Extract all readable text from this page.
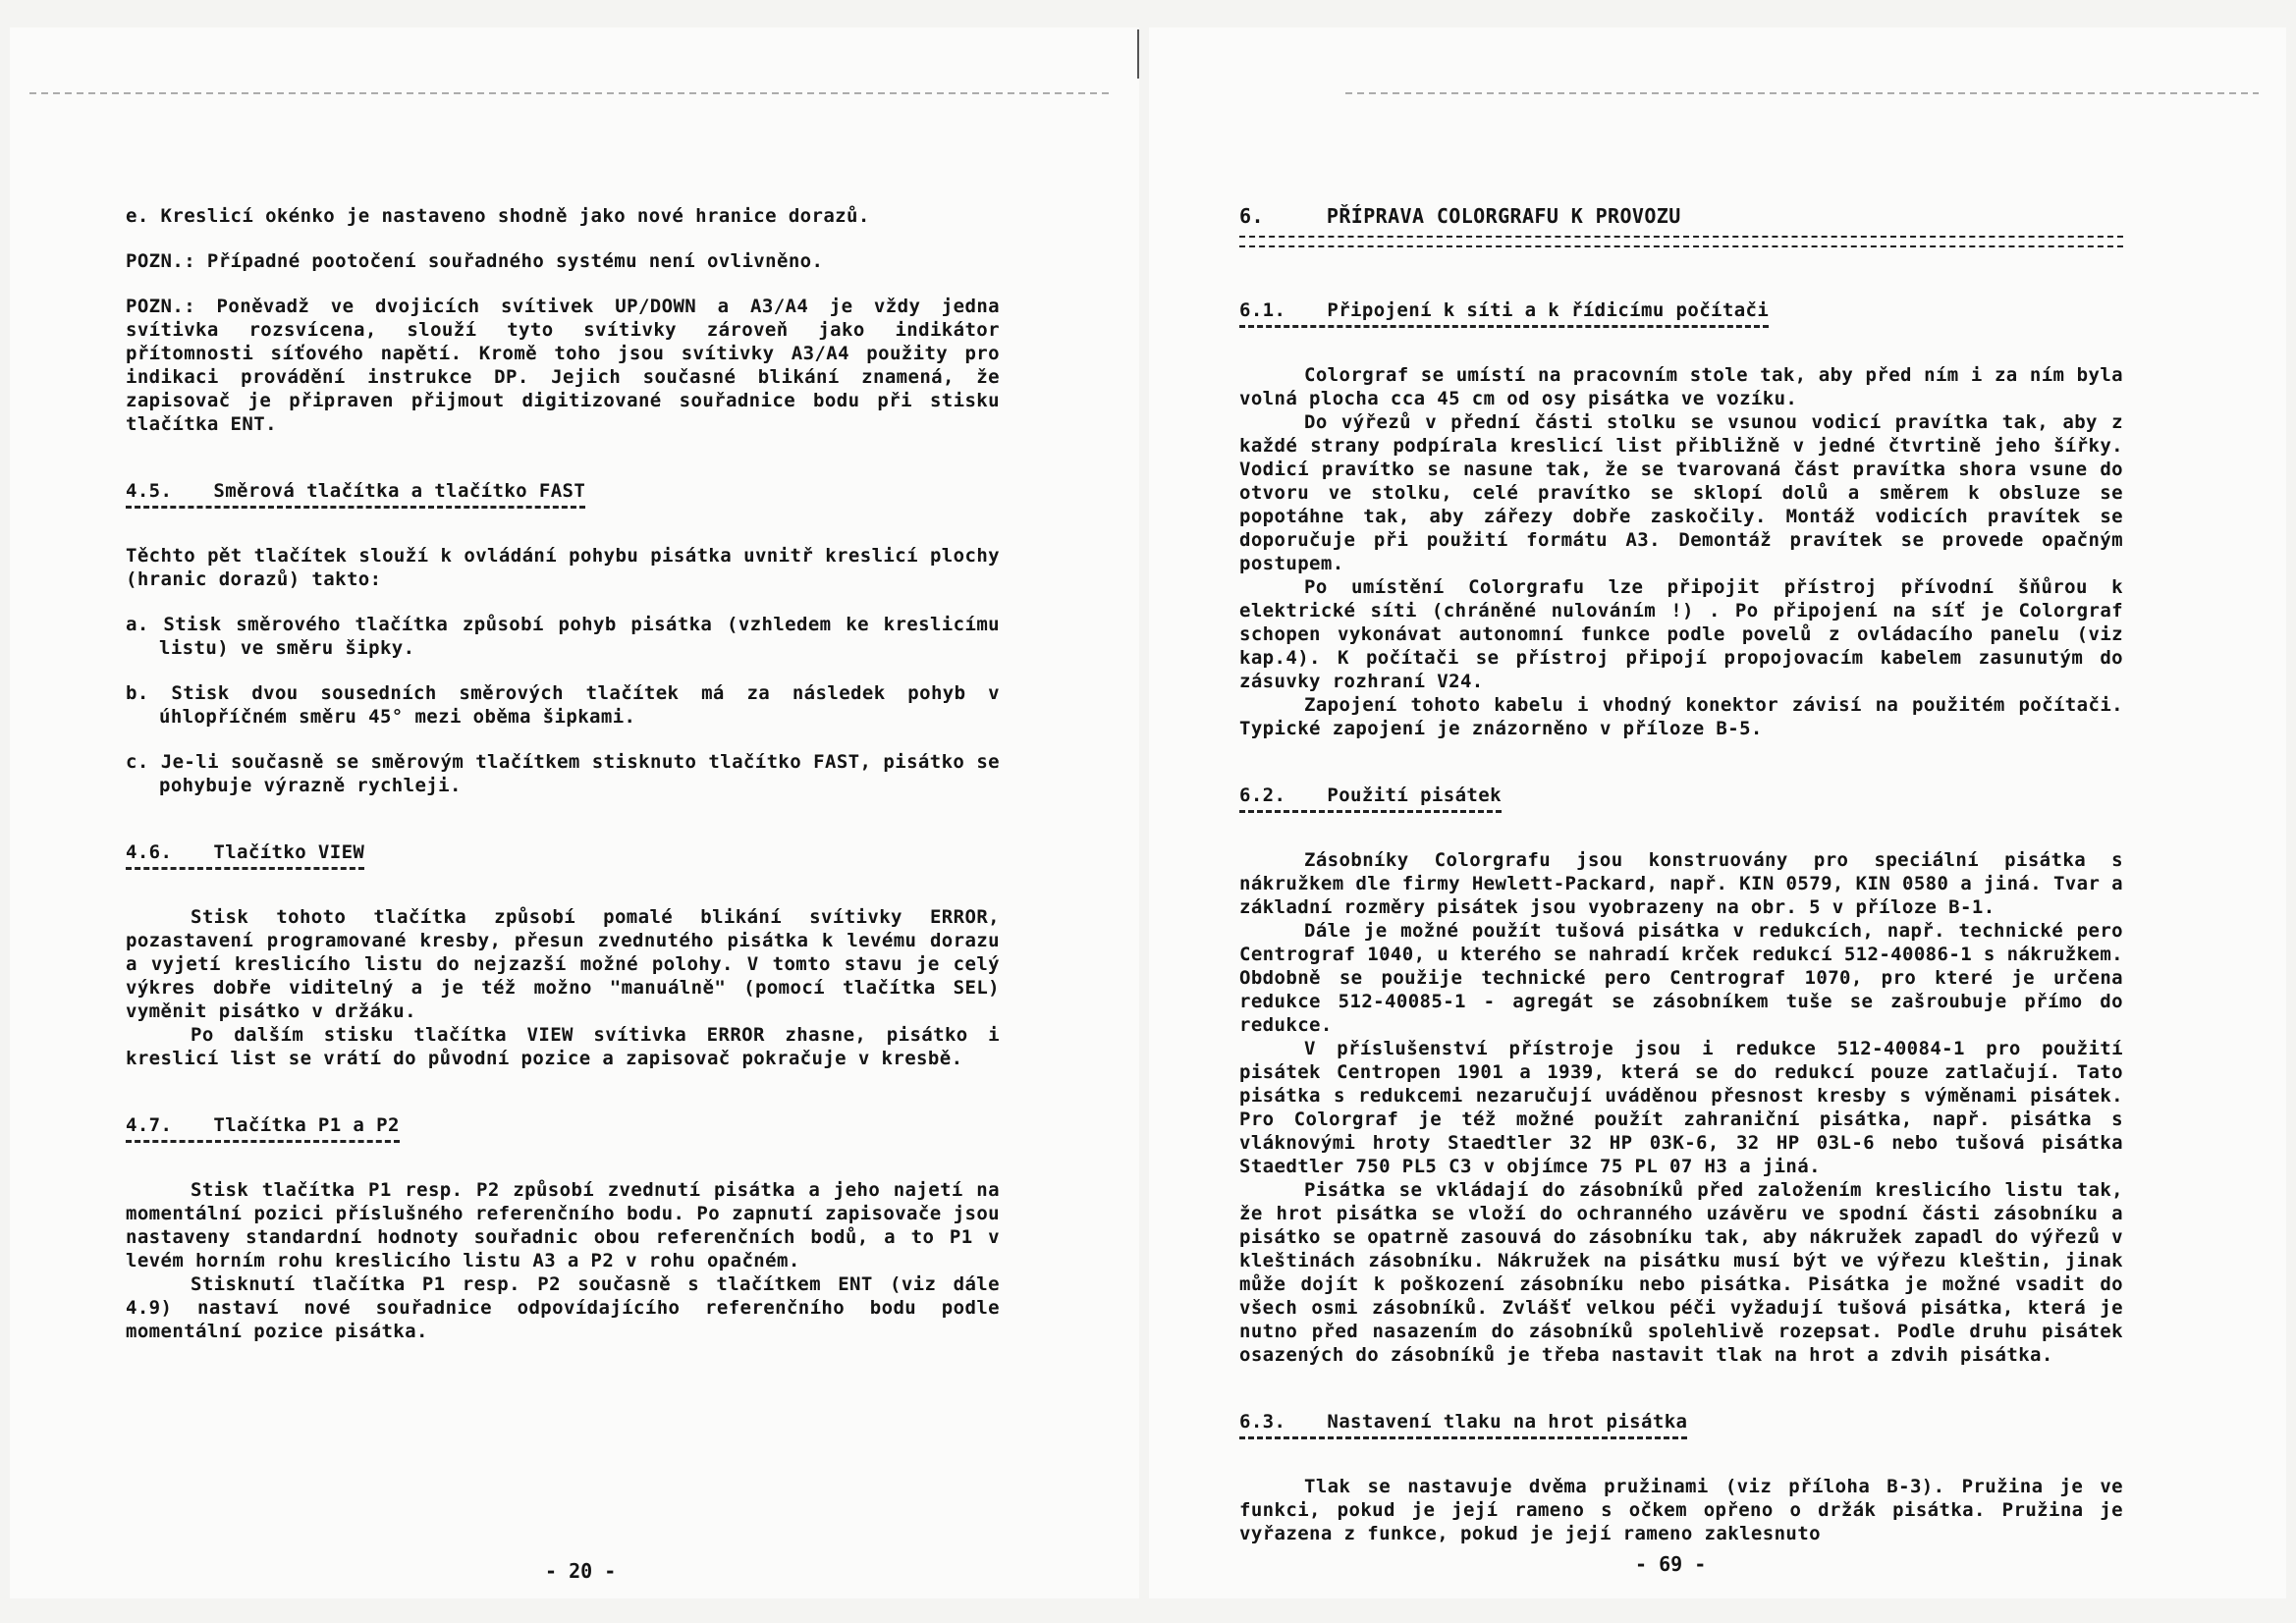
e. Kreslicí okénko je nastaveno shodně jako nové hranice dorazů.

POZN.: Případné pootočení souřadného systému není ovlivněno.

POZN.: Poněvadž ve dvojicích svítivek UP/DOWN a A3/A4 je vždy jedna svítivka rozsvícena, slouží tyto svítivky zároveň jako indikátor přítomnosti síťového napětí. Kromě toho jsou svítivky A3/A4 použity pro indikaci provádění instrukce DP. Jejich současné blikání znamená, že zapisovač je připraven přijmout digitizované souřadnice bodu při stisku tlačítka ENT.

4.5. Směrová tlačítka a tlačítko FAST

Těchto pět tlačítek slouží k ovládání pohybu pisátka uvnitř kreslicí plochy (hranic dorazů) takto:

a. Stisk směrového tlačítka způsobí pohyb pisátka (vzhledem ke kreslicímu listu) ve směru šipky.

b. Stisk dvou sousedních směrových tlačítek má za následek pohyb v úhlopříčném směru 45° mezi oběma šipkami.

c. Je-li současně se směrovým tlačítkem stisknuto tlačítko FAST, pisátko se pohybuje výrazně rychleji.

4.6. Tlačítko VIEW

Stisk tohoto tlačítka způsobí pomalé blikání svítivky ERROR, pozastavení programované kresby, přesun zvednutého pisátka k levému dorazu a vyjetí kreslicího listu do nejzazší možné polohy. V tomto stavu je celý výkres dobře viditelný a je též možno "manuálně" (pomocí tlačítka SEL) vyměnit pisátko v držáku.

Po dalším stisku tlačítka VIEW svítivka ERROR zhasne, pisátko i kreslicí list se vrátí do původní pozice a zapisovač pokračuje v kresbě.

4.7. Tlačítka P1 a P2

Stisk tlačítka P1 resp. P2 způsobí zvednutí pisátka a jeho najetí na momentální pozici příslušného referenčního bodu. Po zapnutí zapisovače jsou nastaveny standardní hodnoty souřadnic obou referenčních bodů, a to P1 v levém horním rohu kreslicího listu A3 a P2 v rohu opačném.

Stisknutí tlačítka P1 resp. P2 současně s tlačítkem ENT (viz dále 4.9) nastaví nové souřadnice odpovídajícího referenčního bodu podle momentální pozice pisátka.

- 20 -
6.	PŘÍPRAVA COLORGRAFU K PROVOZU
6.1. Připojení k síti a k řídicímu počítači

Colorgraf se umístí na pracovním stole tak, aby před ním i za ním byla volná plocha cca 45 cm od osy pisátka ve vozíku.

Do výřezů v přední části stolku se vsunou vodicí pravítka tak, aby z každé strany podpírala kreslicí list přibližně v jedné čtvrtině jeho šířky. Vodicí pravítko se nasune tak, že se tvarovaná část pravítka shora vsune do otvoru ve stolku, celé pravítko se sklopí dolů a směrem k obsluze se popotáhne tak, aby zářezy dobře zaskočily. Montáž vodicích pravítek se doporučuje při použití formátu A3. Demontáž pravítek se provede opačným postupem.

Po umístění Colorgrafu lze připojit přístroj přívodní šňůrou k elektrické síti (chráněné nulováním !) . Po připojení na síť je Colorgraf schopen vykonávat autonomní funkce podle povelů z ovládacího panelu (viz kap.4). K počítači se přístroj připojí propojovacím kabelem zasunutým do zásuvky rozhraní V24.

Zapojení tohoto kabelu i vhodný konektor závisí na použitém počítači. Typické zapojení je znázorněno v příloze B-5.

6.2. Použití pisátek

Zásobníky Colorgrafu jsou konstruovány pro speciální pisátka s nákružkem dle firmy Hewlett-Packard, např. KIN 0579, KIN 0580 a jiná. Tvar a základní rozměry pisátek jsou vyobrazeny na obr. 5 v příloze B-1.

Dále je možné použít tušová pisátka v redukcích, např. technické pero Centrograf 1040, u kterého se nahradí krček redukcí 512-40086-1 s nákružkem. Obdobně se použije technické pero Centrograf 1070, pro které je určena redukce 512-40085-1 - agregát se zásobníkem tuše se zašroubuje přímo do redukce.

V příslušenství přístroje jsou i redukce 512-40084-1 pro použití pisátek Centropen 1901 a 1939, která se do redukcí pouze zatlačují. Tato pisátka s redukcemi nezaručují uváděnou přesnost kresby s výměnami pisátek. Pro Colorgraf je též možné použít zahraniční pisátka, např. pisátka s vláknovými hroty Staedtler 32 HP 03K-6, 32 HP 03L-6 nebo tušová pisátka Staedtler 750 PL5 C3 v objímce 75 PL 07 H3 a jiná.

Pisátka se vkládají do zásobníků před založením kreslicího listu tak, že hrot pisátka se vloží do ochranného uzávěru ve spodní části zásobníku a pisátko se opatrně zasouvá do zásobníku tak, aby nákružek zapadl do výřezů v kleštinách zásobníku. Nákružek na pisátku musí být ve výřezu kleštin, jinak může dojít k poškození zásobníku nebo pisátka. Pisátka je možné vsadit do všech osmi zásobníků. Zvlášť velkou péči vyžadují tušová pisátka, která je nutno před nasazením do zásobníků spolehlivě rozepsat. Podle druhu pisátek osazených do zásobníků je třeba nastavit tlak na hrot a zdvih pisátka.

6.3. Nastavení tlaku na hrot pisátka

Tlak se nastavuje dvěma pružinami (viz příloha B-3). Pružina je ve funkci, pokud je její rameno s očkem opřeno o držák pisátka. Pružina je vyřazena z funkce, pokud je její rameno zaklesnuto

- 69 -
